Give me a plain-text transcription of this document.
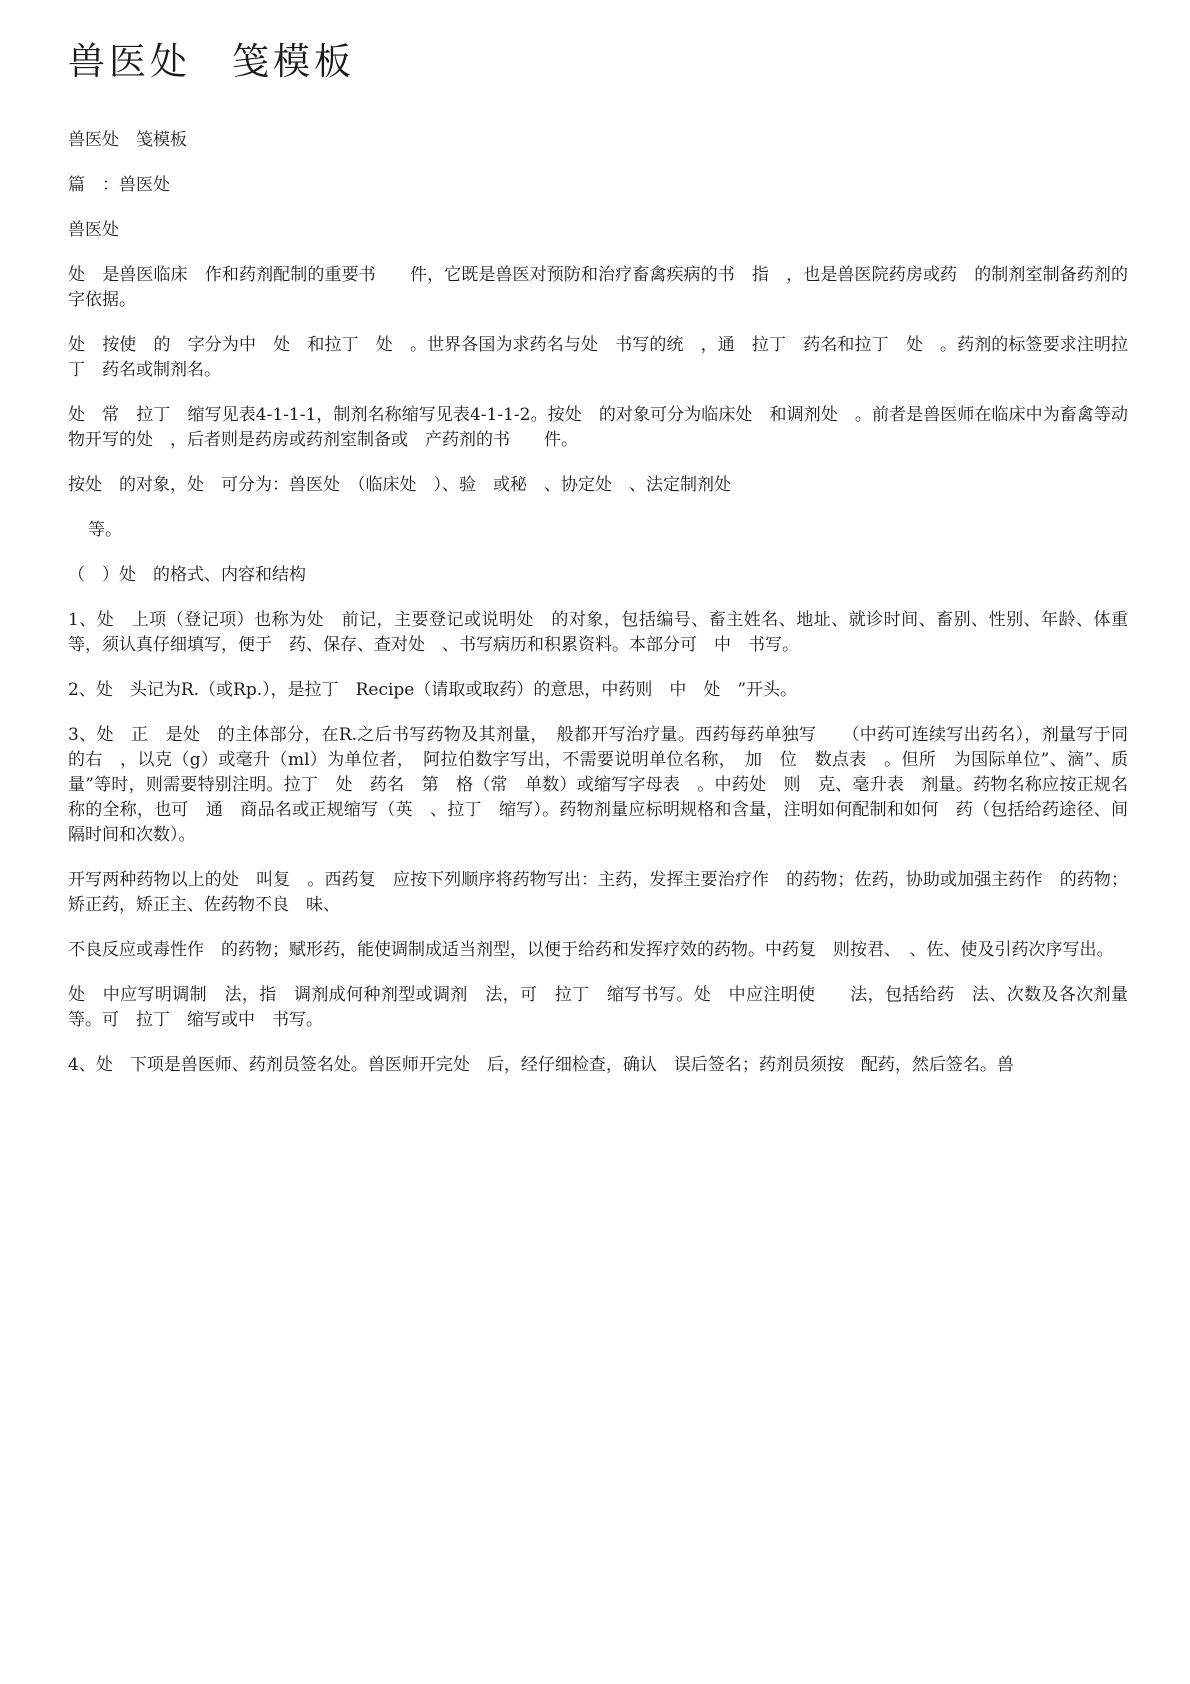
兽医处　笺模板

兽医处　笺模板

篇　：兽医处

兽医处

处　是兽医临床　作和药剂配制的重要书　　件，它既是兽医对预防和治疗畜禽疾病的书　指　，也是兽医院药房或药　的制剂室制备药剂的　字依据。

处　按使　的　字分为中　处　和拉丁　处　。世界各国为求药名与处　书写的统　，通　拉丁　药名和拉丁　处　。药剂的标签要求注明拉丁　药名或制剂名。

处　常　拉丁　缩写见表4-1-1-1，制剂名称缩写见表4-1-1-2。按处　的对象可分为临床处　和调剂处　。前者是兽医师在临床中为畜禽等动物开写的处　，后者则是药房或药剂室制备或　产药剂的书　　件。

按处　的对象，处　可分为：兽医处　（临床处　）、验　或秘　、协定处　、法定制剂处

等。

（　）处　的格式、内容和结构

1、处　上项（登记项）也称为处　前记，主要登记或说明处　的对象，包括编号、畜主姓名、地址、就诊时间、畜别、性别、年龄、体重等，须认真仔细填写，便于　药、保存、查对处　、书写病历和积累资料。本部分可　中　书写。

2、处　头记为R.（或Rp.），是拉丁　Recipe（请取或取药）的意思，中药则　中　处　”开头。

3、处　正　是处　的主体部分，在R.之后书写药物及其剂量，　般都开写治疗量。西药每药单独写　　（中药可连续写出药名），剂量写于同　的右　，以克（g）或毫升（ml）为单位者，　阿拉伯数字写出，不需要说明单位名称，　加　位　数点表　。但所　为国际单位”、滴”、质量”等时，则需要特别注明。拉丁　处　药名　第　格（常　单数）或缩写字母表　。中药处　则　克、毫升表　剂量。药物名称应按正规名称的全称，也可　通　商品名或正规缩写（英　、拉丁　缩写）。药物剂量应标明规格和含量，注明如何配制和如何　药（包括给药途径、间隔时间和次数）。

开写两种药物以上的处　叫复　。西药复　应按下列顺序将药物写出：主药，发挥主要治疗作　的药物；佐药，协助或加强主药作　的药物；矫正药，矫正主、佐药物不良　味、

不良反应或毒性作　的药物；赋形药，能使调制成适当剂型，以便于给药和发挥疗效的药物。中药复　则按君、　、佐、使及引药次序写出。

处　中应写明调制　法，指　调剂成何种剂型或调剂　法，可　拉丁　缩写书写。处　中应注明使　　法，包括给药　法、次数及各次剂量等。可　拉丁　缩写或中　书写。

4、处　下项是兽医师、药剂员签名处。兽医师开完处　后，经仔细检查，确认　误后签名；药剂员须按　配药，然后签名。兽
